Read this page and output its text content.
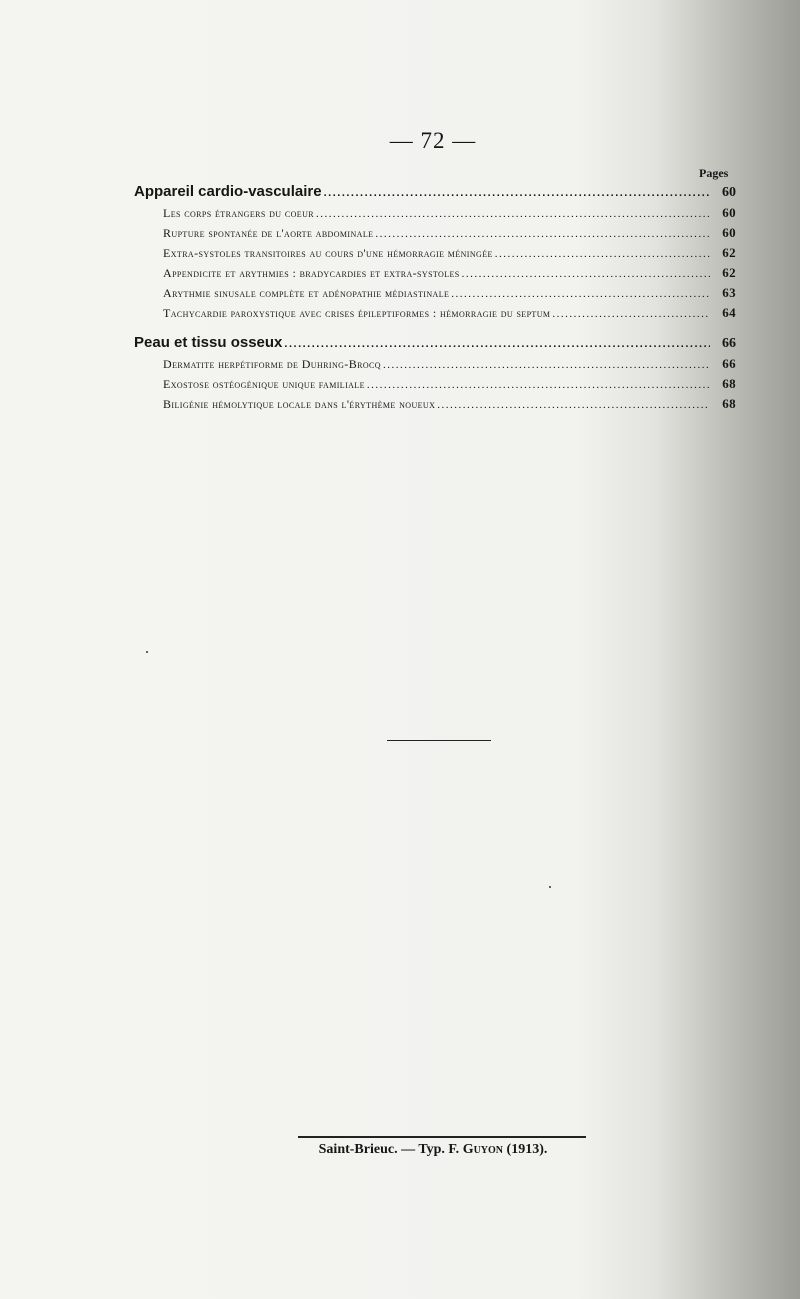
— 72 —
Pages
Appareil cardio-vasculaire .....	60
Les corps étrangers du coeur .....	60
Rupture spontanée de l'aorte abdominale .....	60
Extra-systoles transitoires au cours d'une hémorragie méningée .....	62
Appendicite et arythmies : bradycardies et extra-systoles .....	62
Arythmie sinusale complète et adénopathie médiastinale .....	63
Tachycardie paroxystique avec crises épileptiformes : hémorragie du septum .....	64
Peau et tissu osseux .....	66
Dermatite herpétiforme de Duhring-Brocq .....	66
Exostose ostéogénique unique familiale .....	68
Biligénie hémolytique locale dans l'érythème noueux .....	68
Saint-Brieuc. — Typ. F. Guyon (1913).
